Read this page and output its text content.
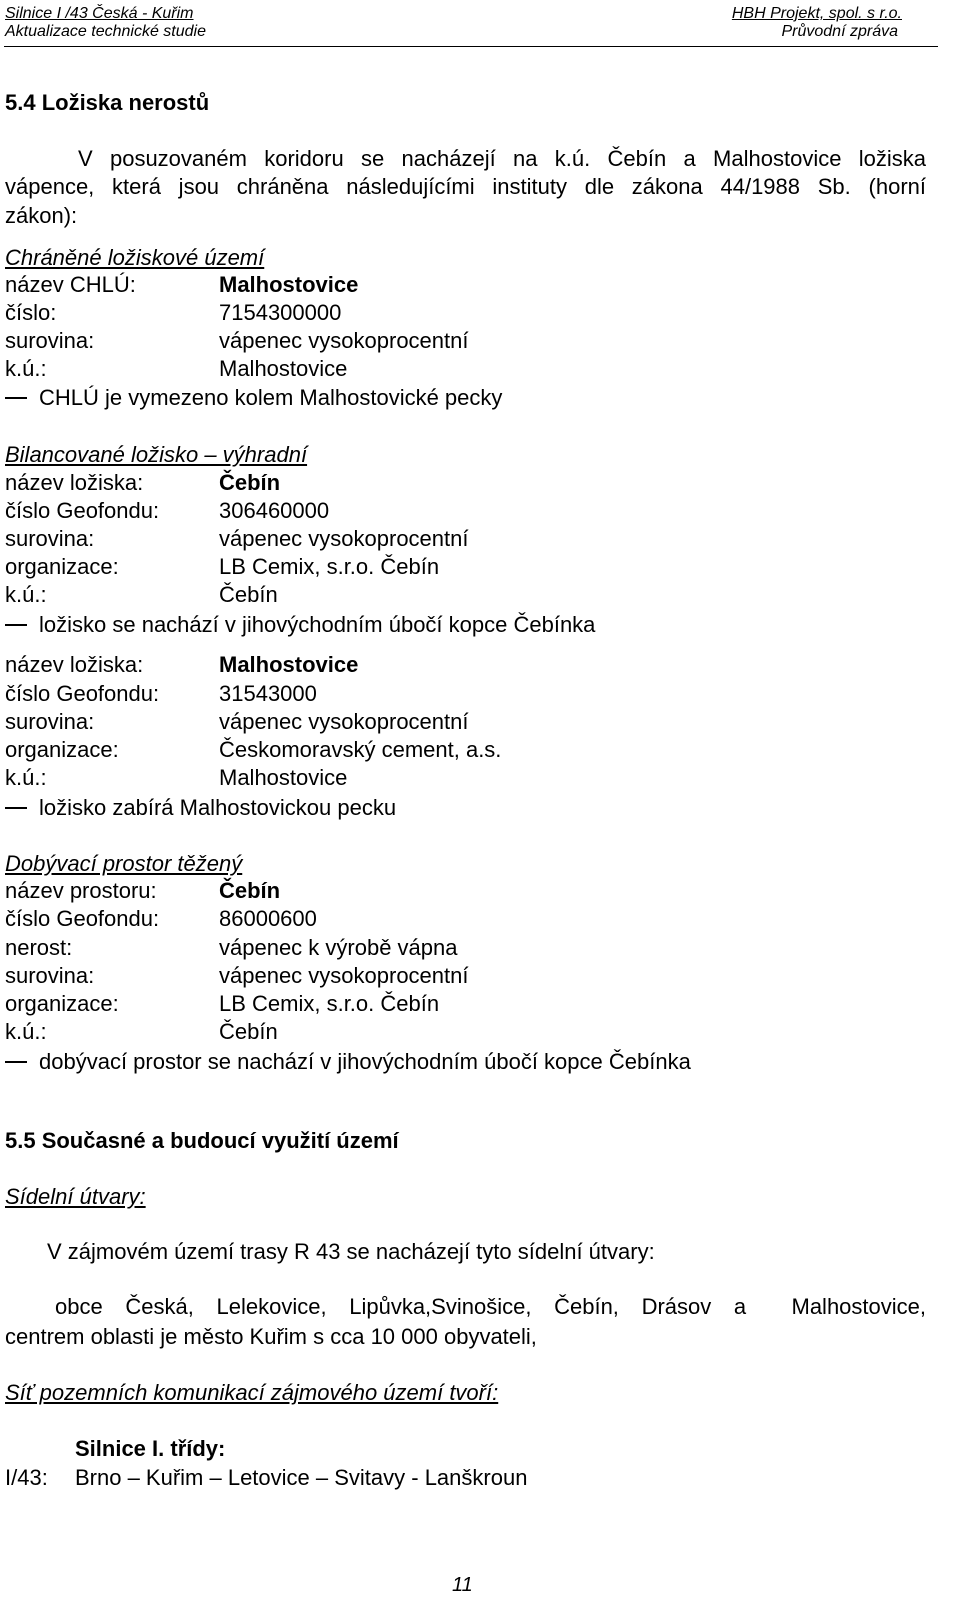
Silnice I /43 Česká - Kuřim
Aktualizace technické studie
HBH Projekt, spol. s r.o.
Průvodní zpráva
5.4 Ložiska nerostů
V posuzovaném koridoru se nacházejí na k.ú. Čebín a Malhostovice ložiska
vápence, která jsou chráněna následujícími instituty dle zákona 44/1988 Sb. (horní
zákon):
Chráněné ložiskové území
název CHLÚ:	Malhostovice
číslo:	7154300000
surovina:	vápenec vysokoprocentní
k.ú.:	Malhostovice
CHLÚ je vymezeno kolem Malhostovické pecky
Bilancované ložisko – výhradní
název ložiska:	Čebín
číslo Geofondu:	306460000
surovina:	vápenec vysokoprocentní
organizace:	LB Cemix, s.r.o. Čebín
k.ú.:	Čebín
ložisko se nachází v jihovýchodním úbočí kopce Čebínka
název ložiska:	Malhostovice
číslo Geofondu:	31543000
surovina:	vápenec vysokoprocentní
organizace:	Českomoravský cement, a.s.
k.ú.:	Malhostovice
ložisko zabírá Malhostovickou pecku
Dobývací prostor těžený
název prostoru:	Čebín
číslo Geofondu:	86000600
nerost:	vápenec k výrobě vápna
surovina:	vápenec vysokoprocentní
organizace:	LB Cemix, s.r.o. Čebín
k.ú.:	Čebín
dobývací prostor se nachází v jihovýchodním úbočí kopce Čebínka
5.5 Současné a budoucí využití území
Sídelní útvary:
V zájmovém území trasy R 43 se nacházejí tyto sídelní útvary:
obce Česká, Lelekovice, Lipůvka,Svinošice, Čebín, Drásov a  Malhostovice,
centrem oblasti je město Kuřim s cca 10 000 obyvateli,
Síť pozemních komunikací zájmového území tvoří:
Silnice I. třídy:
I/43: Brno – Kuřim – Letovice – Svitavy - Lanškroun
11
